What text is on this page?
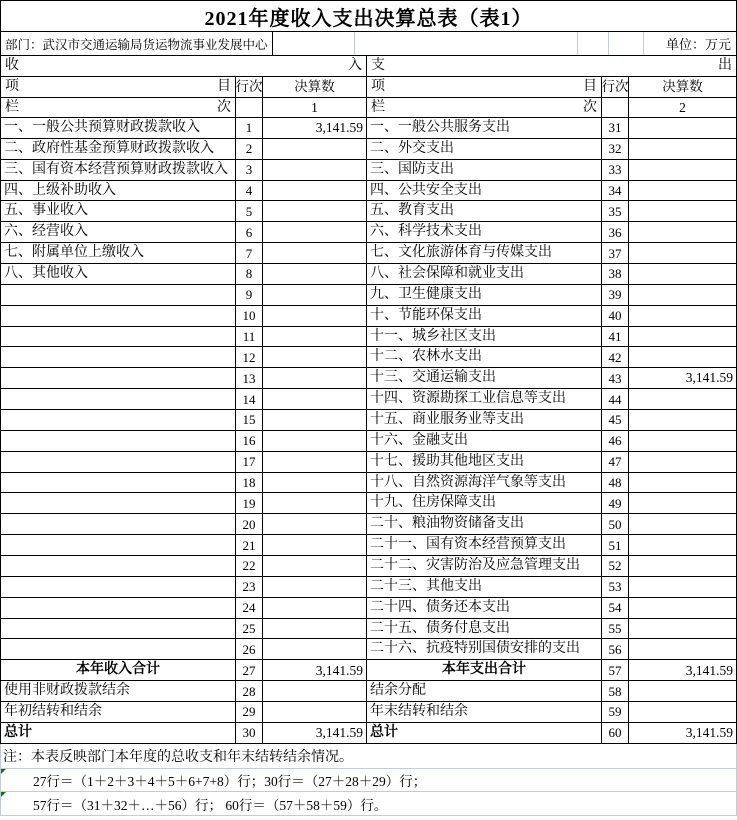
2021年度收入支出决算总表（表1）
部门：武汉市交通运输局货运物流事业发展中心	单位：万元
收	入 支	出
项	目 行次	决算数	项	目 行次	决算数
栏	次	1	栏	次	2
一、一般公共预算财政拨款收入	1	3,141.59 一、一般公共服务支出	31
二、政府性基金预算财政拨款收入	2	二、外交支出	32
三、国有资本经营预算财政拨款收入	3	三、国防支出	33
四、上级补助收入	4	四、公共安全支出	34
五、事业收入	5	五、教育支出	35
六、经营收入	6	六、科学技术支出	36
七、附属单位上缴收入	7	七、文化旅游体育与传媒支出	37
八、其他收入	8	八、社会保障和就业支出	38
9	九、卫生健康支出	39
10	十、节能环保支出	40
11	十一、城乡社区支出	41
12	十二、农林水支出	42
13	十三、交通运输支出	43	3,141.59
14	十四、资源勘探工业信息等支出	44
15	十五、商业服务业等支出	45
16	十六、金融支出	46
17	十七、援助其他地区支出	47
18	十八、自然资源海洋气象等支出	48
19	十九、住房保障支出	49
20	二十、粮油物资储备支出	50
21	二十一、国有资本经营预算支出	51
22	二十二、灾害防治及应急管理支出	52
23	二十三、其他支出	53
24	二十四、债务还本支出	54
25	二十五、债务付息支出	55
26	二十六、抗疫特别国债安排的支出	56
本年收入合计	27	3,141.59	本年支出合计	57	3,141.59
使用非财政拨款结余	28	结余分配	58
年初结转和结余	29	年末结转和结余	59
总 计	30	3,141.59 总 计	60	3,141.59
注：本表反映部门本年度的总收支和年末结转结余情况。
27行＝（1＋2＋3＋4＋5＋6+7+8）行；30行＝（27＋28＋29）行；
57行＝（31＋32＋…＋56）行； 60行＝（57＋58＋59）行。
